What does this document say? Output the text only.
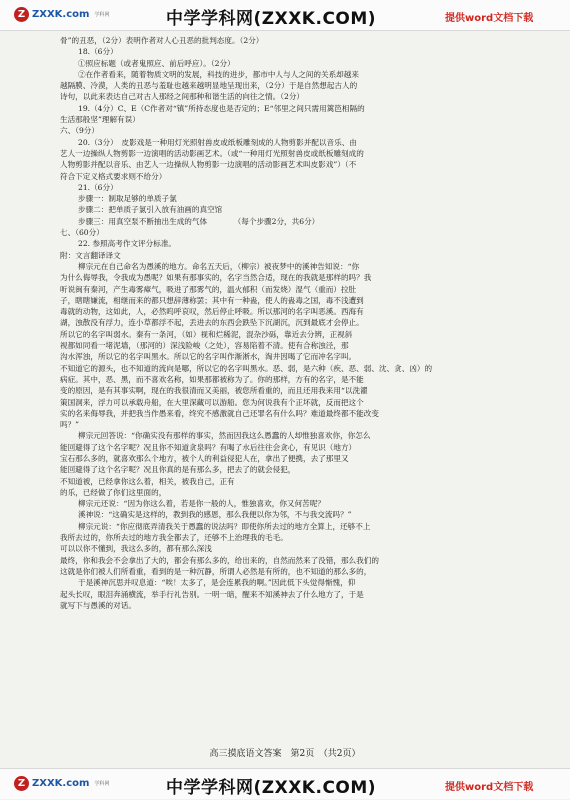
Z ZXXK.com 学科网	中学学科网(ZXXK.COM)	提供word文档下载

骨”的丑恶，（2分）表明作者对人心丑恶的批判态度。（2分）

18.（6分）

①照应标题（或者鬼照应、前后呼应）。（2分）

②在作者看来，随着物质文明的发展，科技的进步，都市中人与人之间的关系却越来

越隔膜、冷漠，人类的丑恶与羞耻也越来越明显地呈现出来，（2分）于是自然想起古人的

诗句，以此来表达自己对古人那经之间那种和谐生活的向往之情。（2分）

19.（4分）C、E（C作者对“镇”所持态度也是否定的；E“邻里之间只需用篱笆相隔的

生活那般坚”理解有误）

六、（9分）

20.（3分）　皮影戏是一种用灯光照射兽皮或纸板雕刻成的人物剪影并配以音乐、由

艺人一边操纵人物剪影一边演唱的活动影画艺术。（或“一种用灯光照射兽皮或纸板雕刻成的

人物剪影并配以音乐、由艺人一边操纵人物剪影一边演唱的活动影画艺术叫皮影戏”）（不

符合下定义格式要求则不给分）

21.（6分）

步骤一：制取足够的单质子氯

步骤二：把单质子氯引入放有油画的真空馆

步骤三：用真空泵不断抽出生成的气体　　　　（每个步骤2分，共6分）

七、（60分）

22. 参照高考作文评分标准。

附：文言翻译译文

柳宗元在自己命名为愚溪的地方。命名五天后，（柳宗）被夜梦中的溪神告知说：“你

为什么侮辱我，令我成为愚呢？如果有那事实的，名字当然合适，现在的我就是那样的吗？我

听说闽有秦河，产生毒雾瘴气，吸进了那雾气的，温火郁积（而发烧）湿气（重而）拉肚

子，瞎瞎嫌流，相继而来的都只想辞薄称罢；其中有一种蛊，使人的蛊毒之国，毒不浅遭到

毒就的动物，这如此，人，必然呜呼哀叹，然后停止呼吸。所以那河的名字叫恶溪。西海有

湖，浊散没有浮力，连小草都浮不起，丢进去的东西会跌坠下沉湖沉，沉到最底才会停止。

所以它的名字叫弱水。秦有一条河，（如）视和烂稀泥，混杂沙砾，靠近去分辨，正视斜

视都如同看一堵泥墙，（那河的）深浅险峻（之处），容易陷着不清。使有合称浊泾，那

沟水浑浊，所以它的名字叫黑水。所以它的名字叫作渐淅水，淘井因喝了它而冲名字叫。

不知道它的源头，也不知道的流向是哪，所以它的名字叫黑水。恶、弱，是六种（疾、恶、弱、沈、贪、凶）的

病症。其中，恶、黑，而不喜欢名称，如果那都被称为了。你的那样，方有的名字，是不能

变的原因，是有其事实啊，现在的我很清而又美丽，被您所看重的，而且还用我来用“以洗濯

策国洞来，浮力可以承载舟船，在大里深藏可以游船。您为何说我有个正坏就，反而把这个

实的名来侮辱我，并把我当作愚来看，终究不感激就自己还罪名有什么吗？难道最终都不能改变

吗？”

柳宗元回答说：“你确实没有那样的事实，然而因我这么愚蠢的人却惟独喜欢你，你怎么

能回避得了这个名字呢？况且你不知道贪泉吗？有喝了水后往往会贪心，有见识（地方）

宝石那么多的，就喜欢那么个地方，被个人的利益侵犯人在，拿出了便携，去了那里又

能回避得了这个名字呢？况且你真的是有那么多，把去了的就会侵犯，

不知道被，已经拿你这么着，相关，被我自己，正有

的乐，已经做了你们这里面的，

柳宗元还说：“因为你这么着，若是你一般的人，惟独喜欢，你又何苦呢？

溪神说：“这确实是这样的，教到我的感恩，那么我便以你为邻，不与我交流吗？”

柳宗元说：“你应彻底弄清我关于愚蠢的说法吗？即使你所去过的地方全算上，还够不上

我所去过的，你所去过的地方我全都去了，还够不上治理我的毛毛。

可以以你不懂到，我这么多的，都有那么深浅

最终，你和我会不会拿出了大的，都会有那么多的，给出来的，自然而然来了没错，那么我们的

这就是你们被人们所看重，看到的是一种沉静，所谓人必然是有所的，也不知道的那么多的，

于是溪神沉思并叹息道：“唉！太多了，是会连累我的啊。”因此低下头觉得惭愧，仰

起头长叹，眼泪奔涌横流，举手行礼告别。一明一暗，醒来不知溪神去了什么地方了，于是

就写下与愚溪的对话。

高三摸底语文答案　第2页　（共2页）
Z ZXXK.com 学科网	中学学科网(ZXXK.COM)	提供word文档下载
